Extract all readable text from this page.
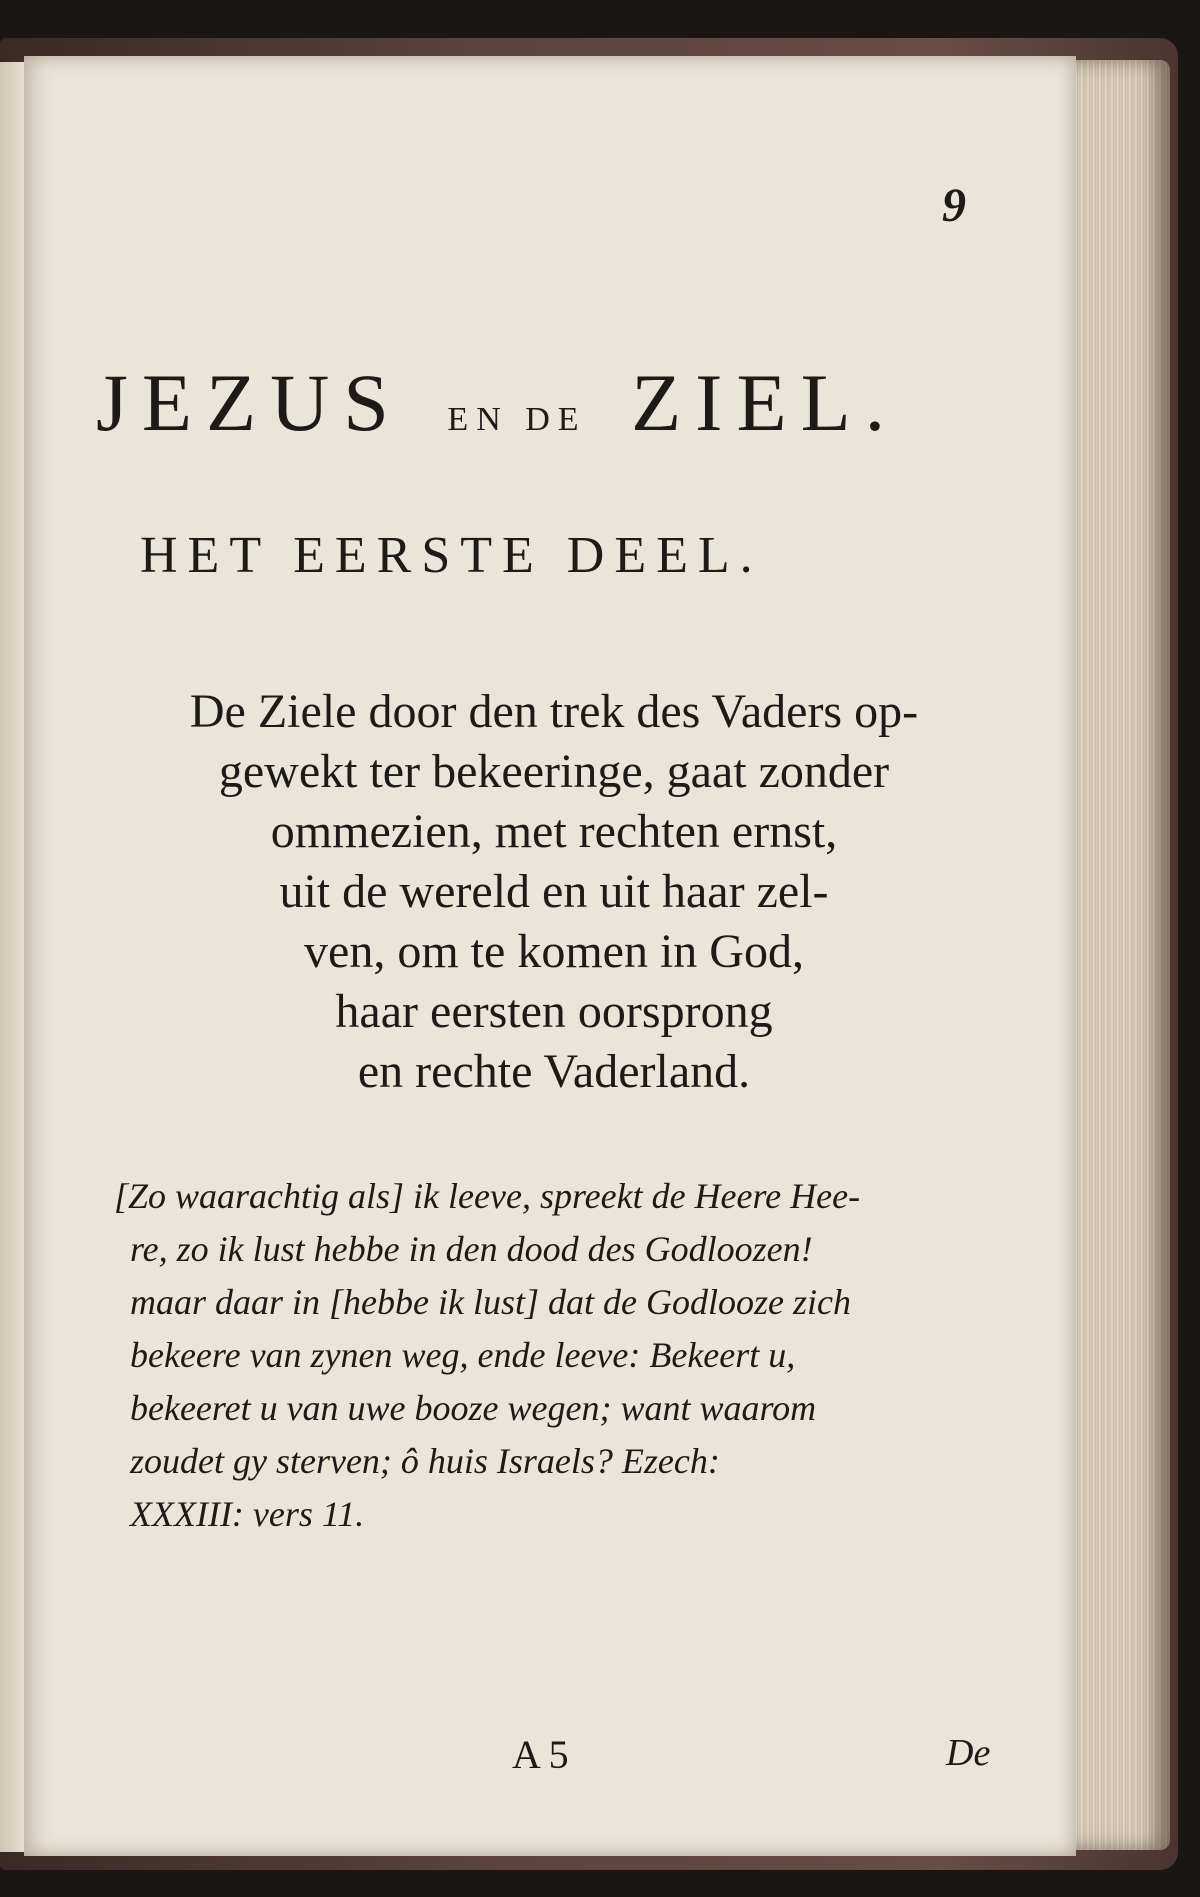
9
JEZUS EN DE ZIEL.
HET EERSTE DEEL.
De Ziele door den trek des Vaders op-
gewekt ter bekeeringe, gaat zonder
ommezien, met rechten ernst,
uit de wereld en uit haar zel-
ven, om te komen in God,
haar eersten oorsprong
en rechte Vaderland.
[Zo waarachtig als] ik leeve, spreekt de Heere Hee-
re, zo ik lust hebbe in den dood des Godloozen!
maar daar in [hebbe ik lust] dat de Godlooze zich
bekeere van zynen weg, ende leeve: Bekeert u,
bekeeret u van uwe booze wegen; want waarom
zoudet gy sterven; ô huis Israels? Ezech:
XXXIII: vers 11.
A 5	De
